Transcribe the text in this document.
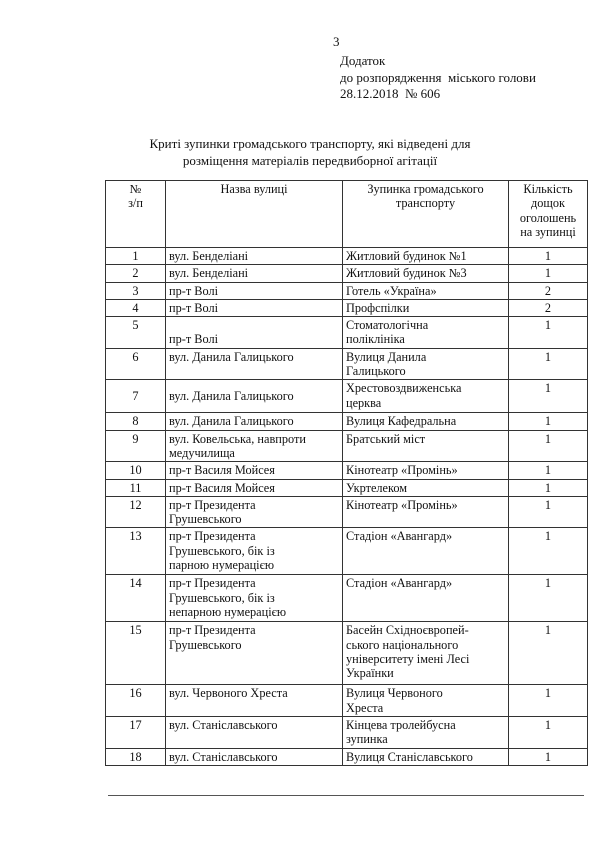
3
Додаток
до розпорядження  міського голови
28.12.2018  № 606
Криті зупинки громадського транспорту, які відведені для
розміщення матеріалів передвиборної агітації
№
з/п	Назва вулиці	Зупинка громадського
транспорту	Кількість
дощок
оголошень
на зупинці
1	вул. Бенделіані	Житловий будинок №1	1
2	вул. Бенделіані	Житловий будинок №3	1
3	пр-т Волі	Готель «Україна»	2
4	пр-т Волі	Профспілки	2
5	пр-т Волі	Стоматологічна
поліклініка	1
6	вул. Данила Галицького	Вулиця Данила
Галицького	1
7	вул. Данила Галицького	Хрестовоздвиженська
церква	1
8	вул. Данила Галицького	Вулиця Кафедральна	1
9	вул. Ковельська, навпроти
медучилища	Братський міст	1
10	пр-т Василя Мойсея	Кінотеатр «Промінь»	1
11	пр-т Василя Мойсея	Укртелеком	1
12	пр-т Президента
Грушевського	Кінотеатр «Промінь»	1
13	пр-т Президента
Грушевського, бік із
парною нумерацією	Стадіон «Авангард»	1
14	пр-т Президента
Грушевського, бік із
непарною нумерацією	Стадіон «Авангард»	1
15	пр-т Президента
Грушевського	Басейн Східноєвропей-
ського національного
університету імені Лесі
Українки	1
16	вул. Червоного Хреста	Вулиця Червоного
Хреста	1
17	вул. Станіславського	Кінцева тролейбусна
зупинка	1
18	вул. Станіславського	Вулиця Станіславського	1
